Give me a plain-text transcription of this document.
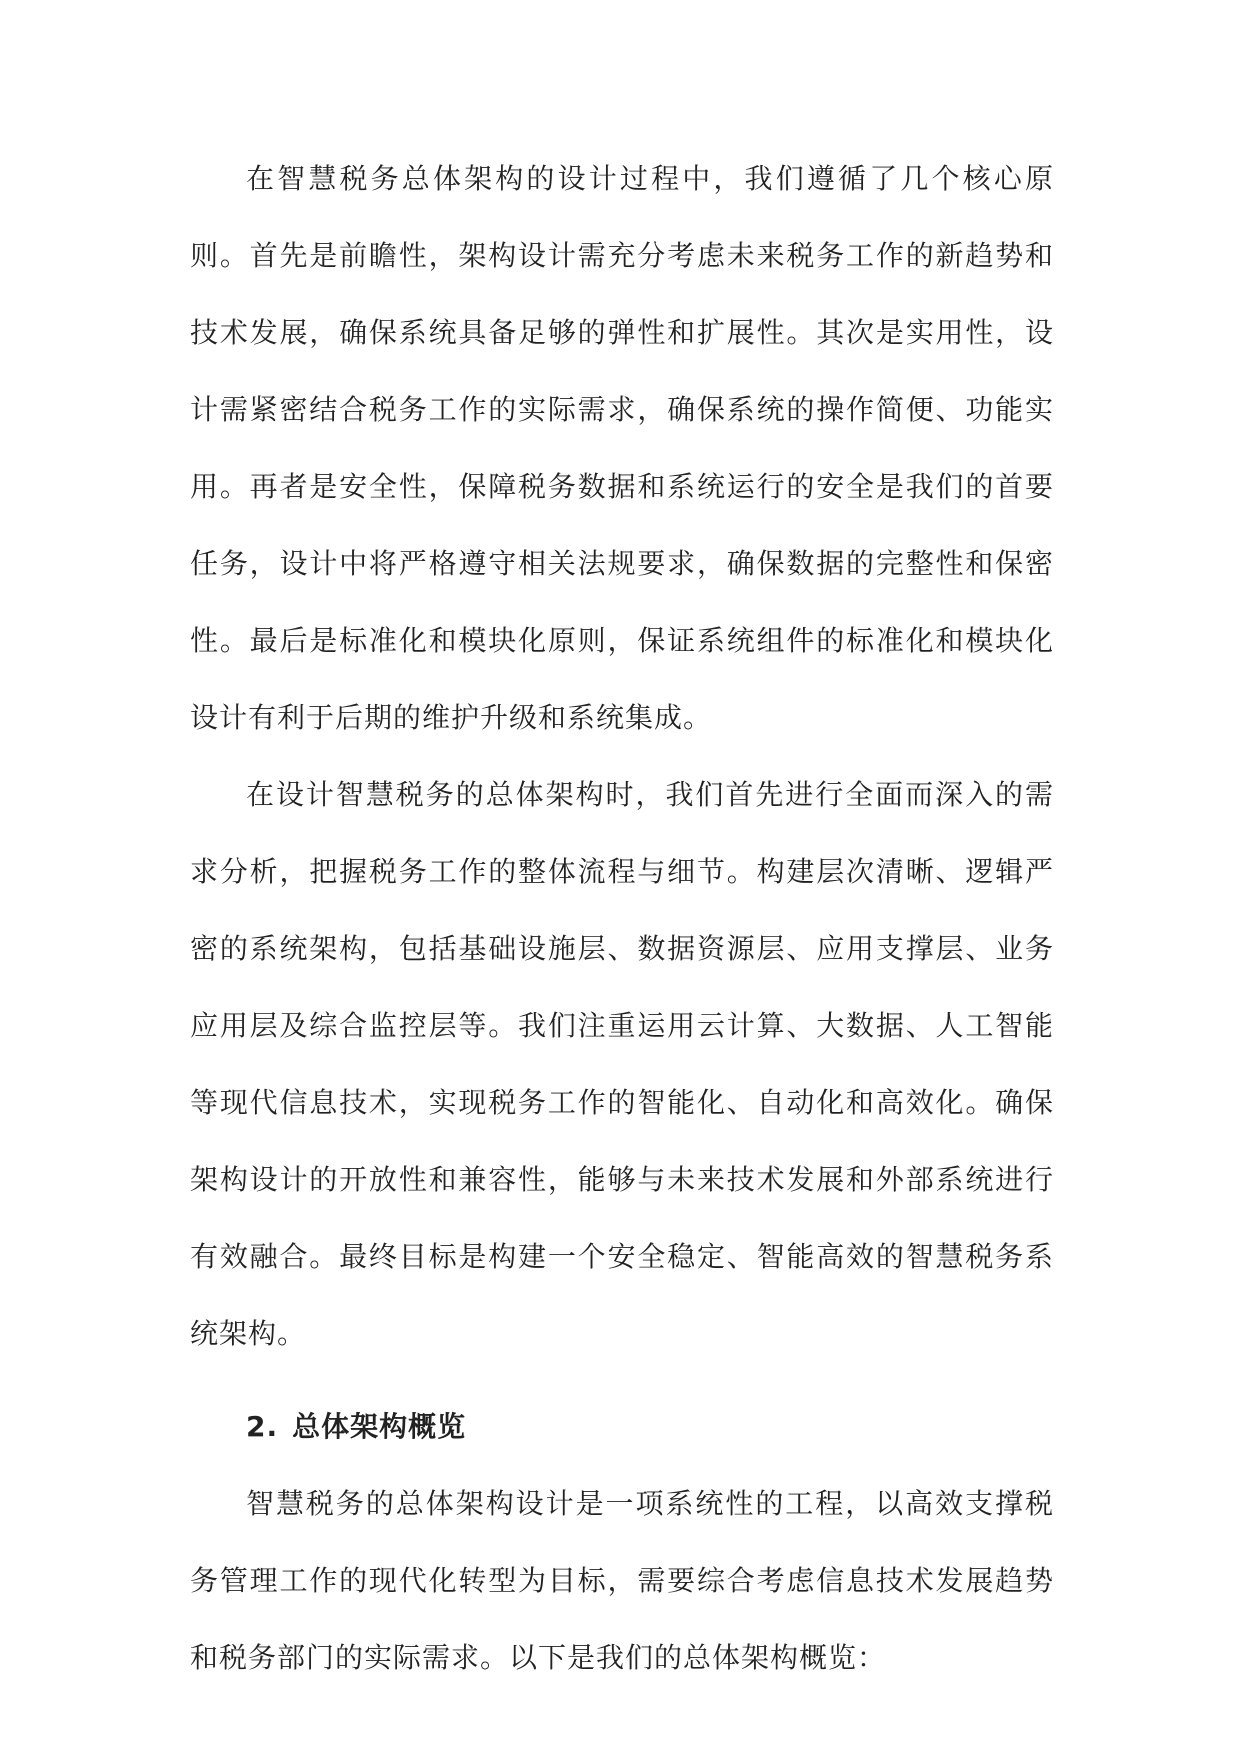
在智慧税务总体架构的设计过程中，我们遵循了几个核心原则。首先是前瞻性，架构设计需充分考虑未来税务工作的新趋势和技术发展，确保系统具备足够的弹性和扩展性。其次是实用性，设计需紧密结合税务工作的实际需求，确保系统的操作简便、功能实用。再者是安全性，保障税务数据和系统运行的安全是我们的首要任务，设计中将严格遵守相关法规要求，确保数据的完整性和保密性。最后是标准化和模块化原则，保证系统组件的标准化和模块化设计有利于后期的维护升级和系统集成。

在设计智慧税务的总体架构时，我们首先进行全面而深入的需求分析，把握税务工作的整体流程与细节。构建层次清晰、逻辑严密的系统架构，包括基础设施层、数据资源层、应用支撑层、业务应用层及综合监控层等。我们注重运用云计算、大数据、人工智能等现代信息技术，实现税务工作的智能化、自动化和高效化。确保架构设计的开放性和兼容性，能够与未来技术发展和外部系统进行有效融合。最终目标是构建一个安全稳定、智能高效的智慧税务系统架构。

2. 总体架构概览

智慧税务的总体架构设计是一项系统性的工程，以高效支撑税务管理工作的现代化转型为目标，需要综合考虑信息技术发展趋势和税务部门的实际需求。以下是我们的总体架构概览：
